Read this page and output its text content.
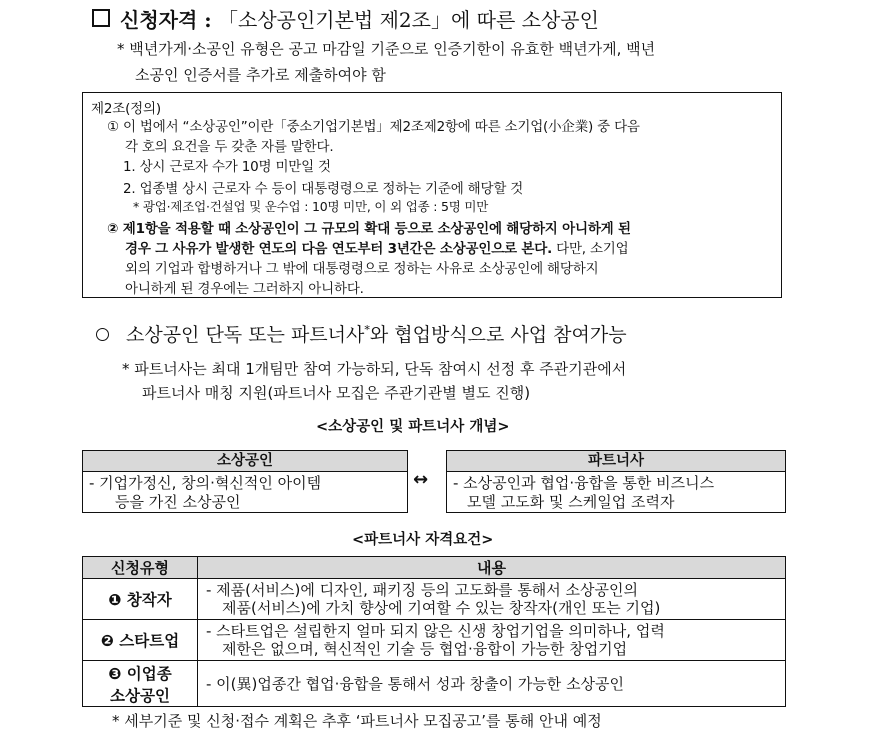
신청자격 : 「소상공인기본법 제2조」에 따른 소상공인
* 백년가게·소공인 유형은 공고 마감일 기준으로 인증기한이 유효한 백년가게, 백년
소공인 인증서를 추가로 제출하여야 함
제2조(정의)
① 이 법에서 “소상공인”이란「중소기업기본법」제2조제2항에 따른 소기업(小企業) 중 다음
각 호의 요건을 두 갖춘 자를 말한다.
1. 상시 근로자 수가 10명 미만일 것
2. 업종별 상시 근로자 수 등이 대통령령으로 정하는 기준에 해당할 것
* 광업·제조업·건설업 및 운수업 : 10명 미만, 이 외 업종 : 5명 미만
② 제1항을 적용할 때 소상공인이 그 규모의 확대 등으로 소상공인에 해당하지 아니하게 된
경우 그 사유가 발생한 연도의 다음 연도부터 3년간은 소상공인으로 본다. 다만, 소기업
외의 기업과 합병하거나 그 밖에 대통령령으로 정하는 사유로 소상공인에 해당하지
아니하게 된 경우에는 그러하지 아니하다.
소상공인 단독 또는 파트너사*와 협업방식으로 사업 참여가능
* 파트너사는 최대 1개팀만 참여 가능하되, 단독 참여시 선정 후 주관기관에서
파트너사 매칭 지원(파트너사 모집은 주관기관별 별도 진행)
<소상공인 및 파트너사 개념>
소상공인
- 기업가정신, 창의·혁신적인 아이템
등을 가진 소상공인
↔
파트너사
- 소상공인과 협업·융합을 통한 비즈니스
모델 고도화 및 스케일업 조력자
<파트너사 자격요건>
신청유형	내용
❶ 창작자	- 제품(서비스)에 디자인, 패키징 등의 고도화를 통해서 소상공인의
제품(서비스)에 가치 향상에 기여할 수 있는 창작자(개인 또는 기업)

❷ 스타트업	- 스타트업은 설립한지 얼마 되지 않은 신생 창업기업을 의미하나, 업력
제한은 없으며, 혁신적인 기술 등 협업·융합이 가능한 창업기업

❸ 이업종
소상공인	- 이(異)업종간 협업·융합을 통해서 성과 창출이 가능한 소상공인
* 세부기준 및 신청·접수 계획은 추후 ‘파트너사 모집공고’를 통해 안내 예정
